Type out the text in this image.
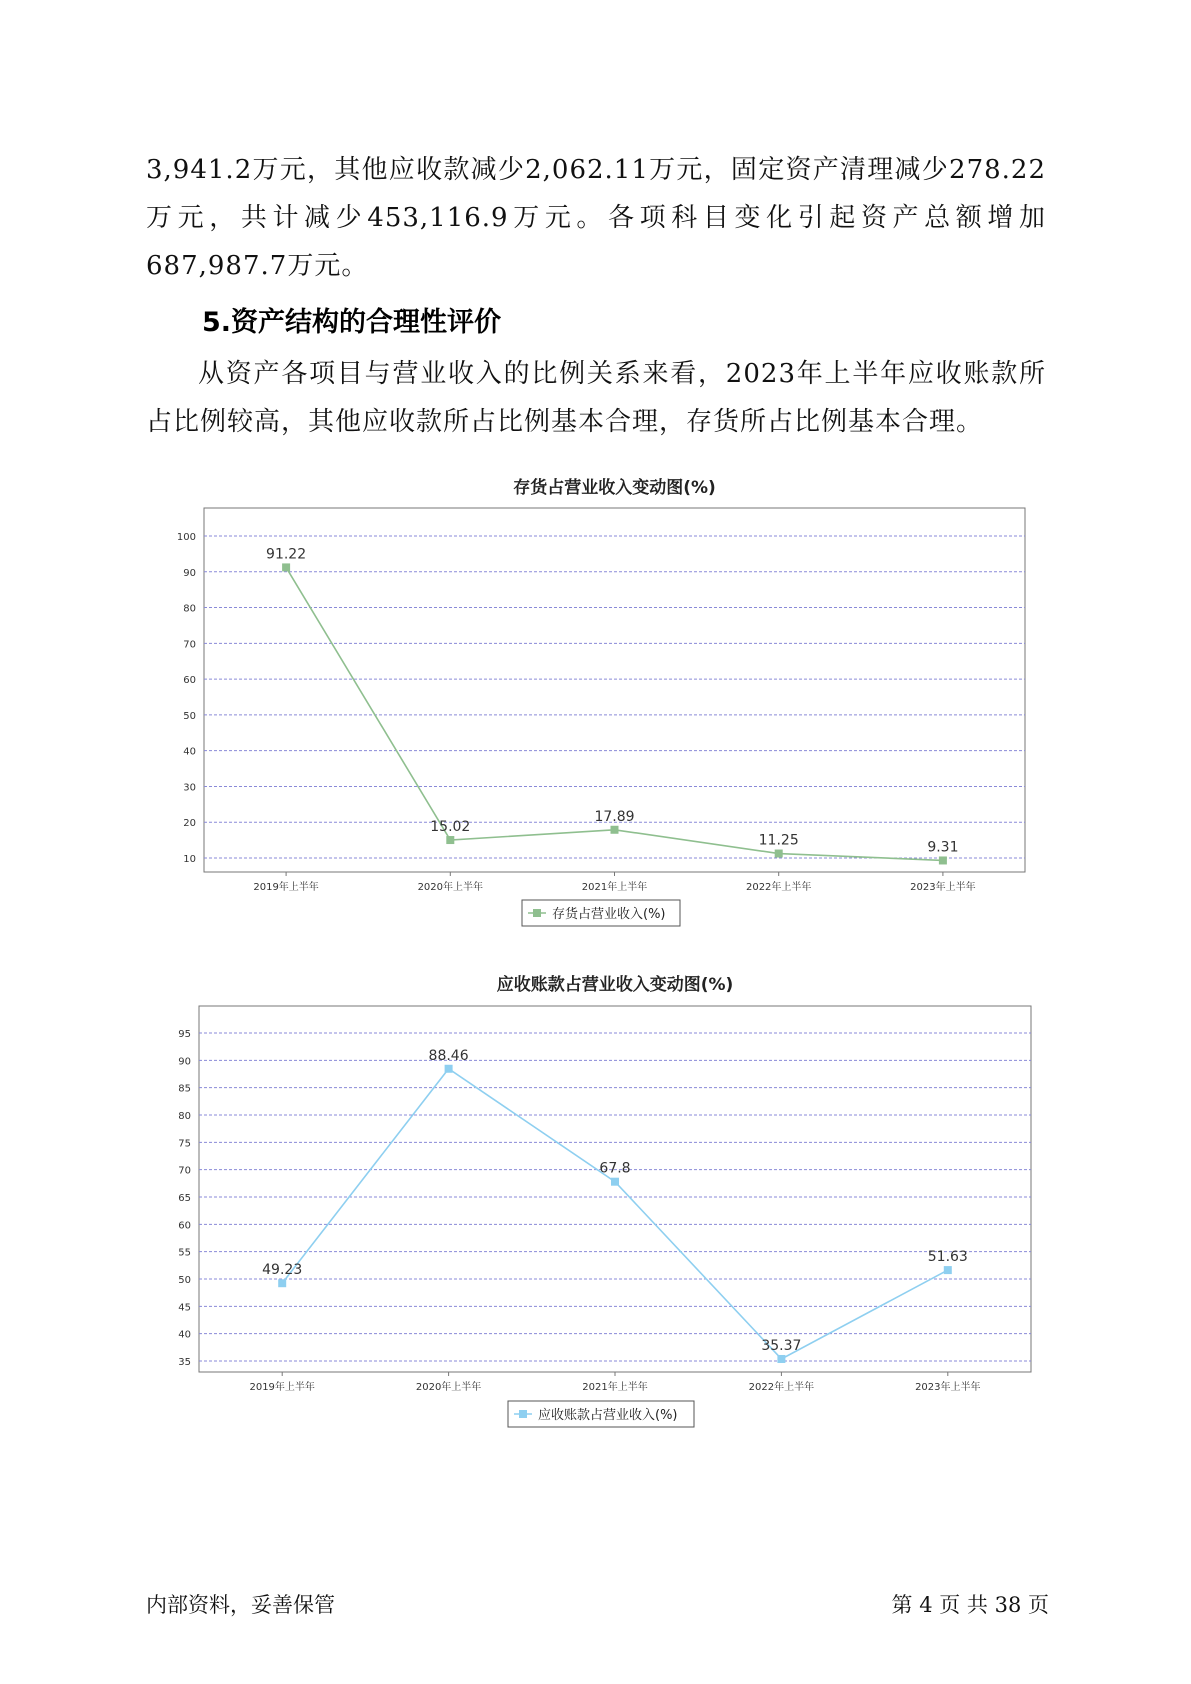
3,941.2万元，其他应收款减少2,062.11万元，固定资产清理减少278.22万元，共计减少453,116.9万元。各项科目变化引起资产总额增加687,987.7万元。
5.资产结构的合理性评价
从资产各项目与营业收入的比例关系来看，2023年上半年应收账款所占比例较高，其他应收款所占比例基本合理，存货所占比例基本合理。
存货占营业收入变动图(%)
10
20
30
40
50
60
70
80
90
100
2019年上半年	2020年上半年	2021年上半年	2022年上半年	2023年上半年
91.22
15.02
17.89
11.25	9.31
存货占营业收入(%)
应收账款占营业收入变动图(%)
35
40
45
50
55
60
65
70
75
80
85
90
95
2019年上半年	2020年上半年	2021年上半年	2022年上半年	2023年上半年
49.23
88.46
67.8
35.37
51.63
应收账款占营业收入(%)
内部资料，妥善保管	第 4 页 共 38 页
